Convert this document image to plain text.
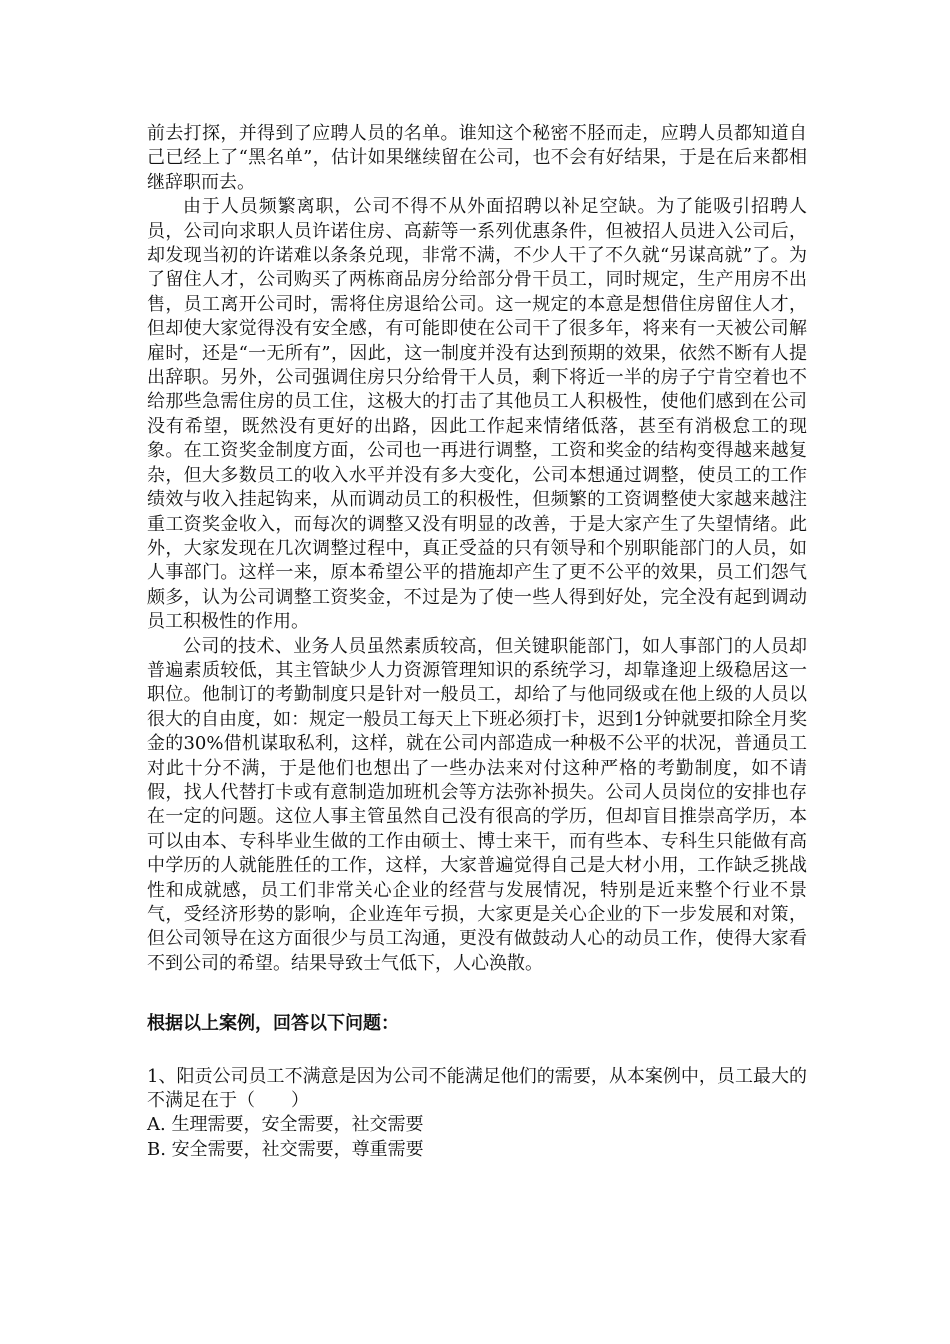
前去打探，并得到了应聘人员的名单。谁知这个秘密不胫而走，应聘人员都知道自己已经上了“黑名单”，估计如果继续留在公司，也不会有好结果，于是在后来都相继辞职而去。

由于人员频繁离职，公司不得不从外面招聘以补足空缺。为了能吸引招聘人员，公司向求职人员许诺住房、高薪等一系列优惠条件，但被招人员进入公司后，却发现当初的许诺难以条条兑现，非常不满，不少人干了不久就“另谋高就”了。为了留住人才，公司购买了两栋商品房分给部分骨干员工，同时规定，生产用房不出售，员工离开公司时，需将住房退给公司。这一规定的本意是想借住房留住人才，但却使大家觉得没有安全感，有可能即使在公司干了很多年，将来有一天被公司解雇时，还是“一无所有”，因此，这一制度并没有达到预期的效果，依然不断有人提出辞职。另外，公司强调住房只分给骨干人员，剩下将近一半的房子宁肯空着也不给那些急需住房的员工住，这极大的打击了其他员工人积极性，使他们感到在公司没有希望，既然没有更好的出路，因此工作起来情绪低落，甚至有消极怠工的现象。在工资奖金制度方面，公司也一再进行调整，工资和奖金的结构变得越来越复杂，但大多数员工的收入水平并没有多大变化，公司本想通过调整，使员工的工作绩效与收入挂起钩来，从而调动员工的积极性，但频繁的工资调整使大家越来越注重工资奖金收入，而每次的调整又没有明显的改善，于是大家产生了失望情绪。此外，大家发现在几次调整过程中，真正受益的只有领导和个别职能部门的人员，如人事部门。这样一来，原本希望公平的措施却产生了更不公平的效果，员工们怨气颇多，认为公司调整工资奖金，不过是为了使一些人得到好处，完全没有起到调动员工积极性的作用。

公司的技术、业务人员虽然素质较高，但关键职能部门，如人事部门的人员却普遍素质较低，其主管缺少人力资源管理知识的系统学习，却靠逢迎上级稳居这一职位。他制订的考勤制度只是针对一般员工，却给了与他同级或在他上级的人员以很大的自由度，如：规定一般员工每天上下班必须打卡，迟到1分钟就要扣除全月奖金的30%借机谋取私利，这样，就在公司内部造成一种极不公平的状况，普通员工对此十分不满，于是他们也想出了一些办法来对付这种严格的考勤制度，如不请假，找人代替打卡或有意制造加班机会等方法弥补损失。公司人员岗位的安排也存在一定的问题。这位人事主管虽然自己没有很高的学历，但却盲目推崇高学历，本可以由本、专科毕业生做的工作由硕士、博士来干，而有些本、专科生只能做有高中学历的人就能胜任的工作，这样，大家普遍觉得自己是大材小用，工作缺乏挑战性和成就感，员工们非常关心企业的经营与发展情况，特别是近来整个行业不景气，受经济形势的影响，企业连年亏损，大家更是关心企业的下一步发展和对策，但公司领导在这方面很少与员工沟通，更没有做鼓动人心的动员工作，使得大家看不到公司的希望。结果导致士气低下，人心涣散。

根据以上案例，回答以下问题：

1、阳贡公司员工不满意是因为公司不能满足他们的需要，从本案例中，员工最大的不满足在于（　　）

A. 生理需要，安全需要，社交需要

B. 安全需要，社交需要，尊重需要
